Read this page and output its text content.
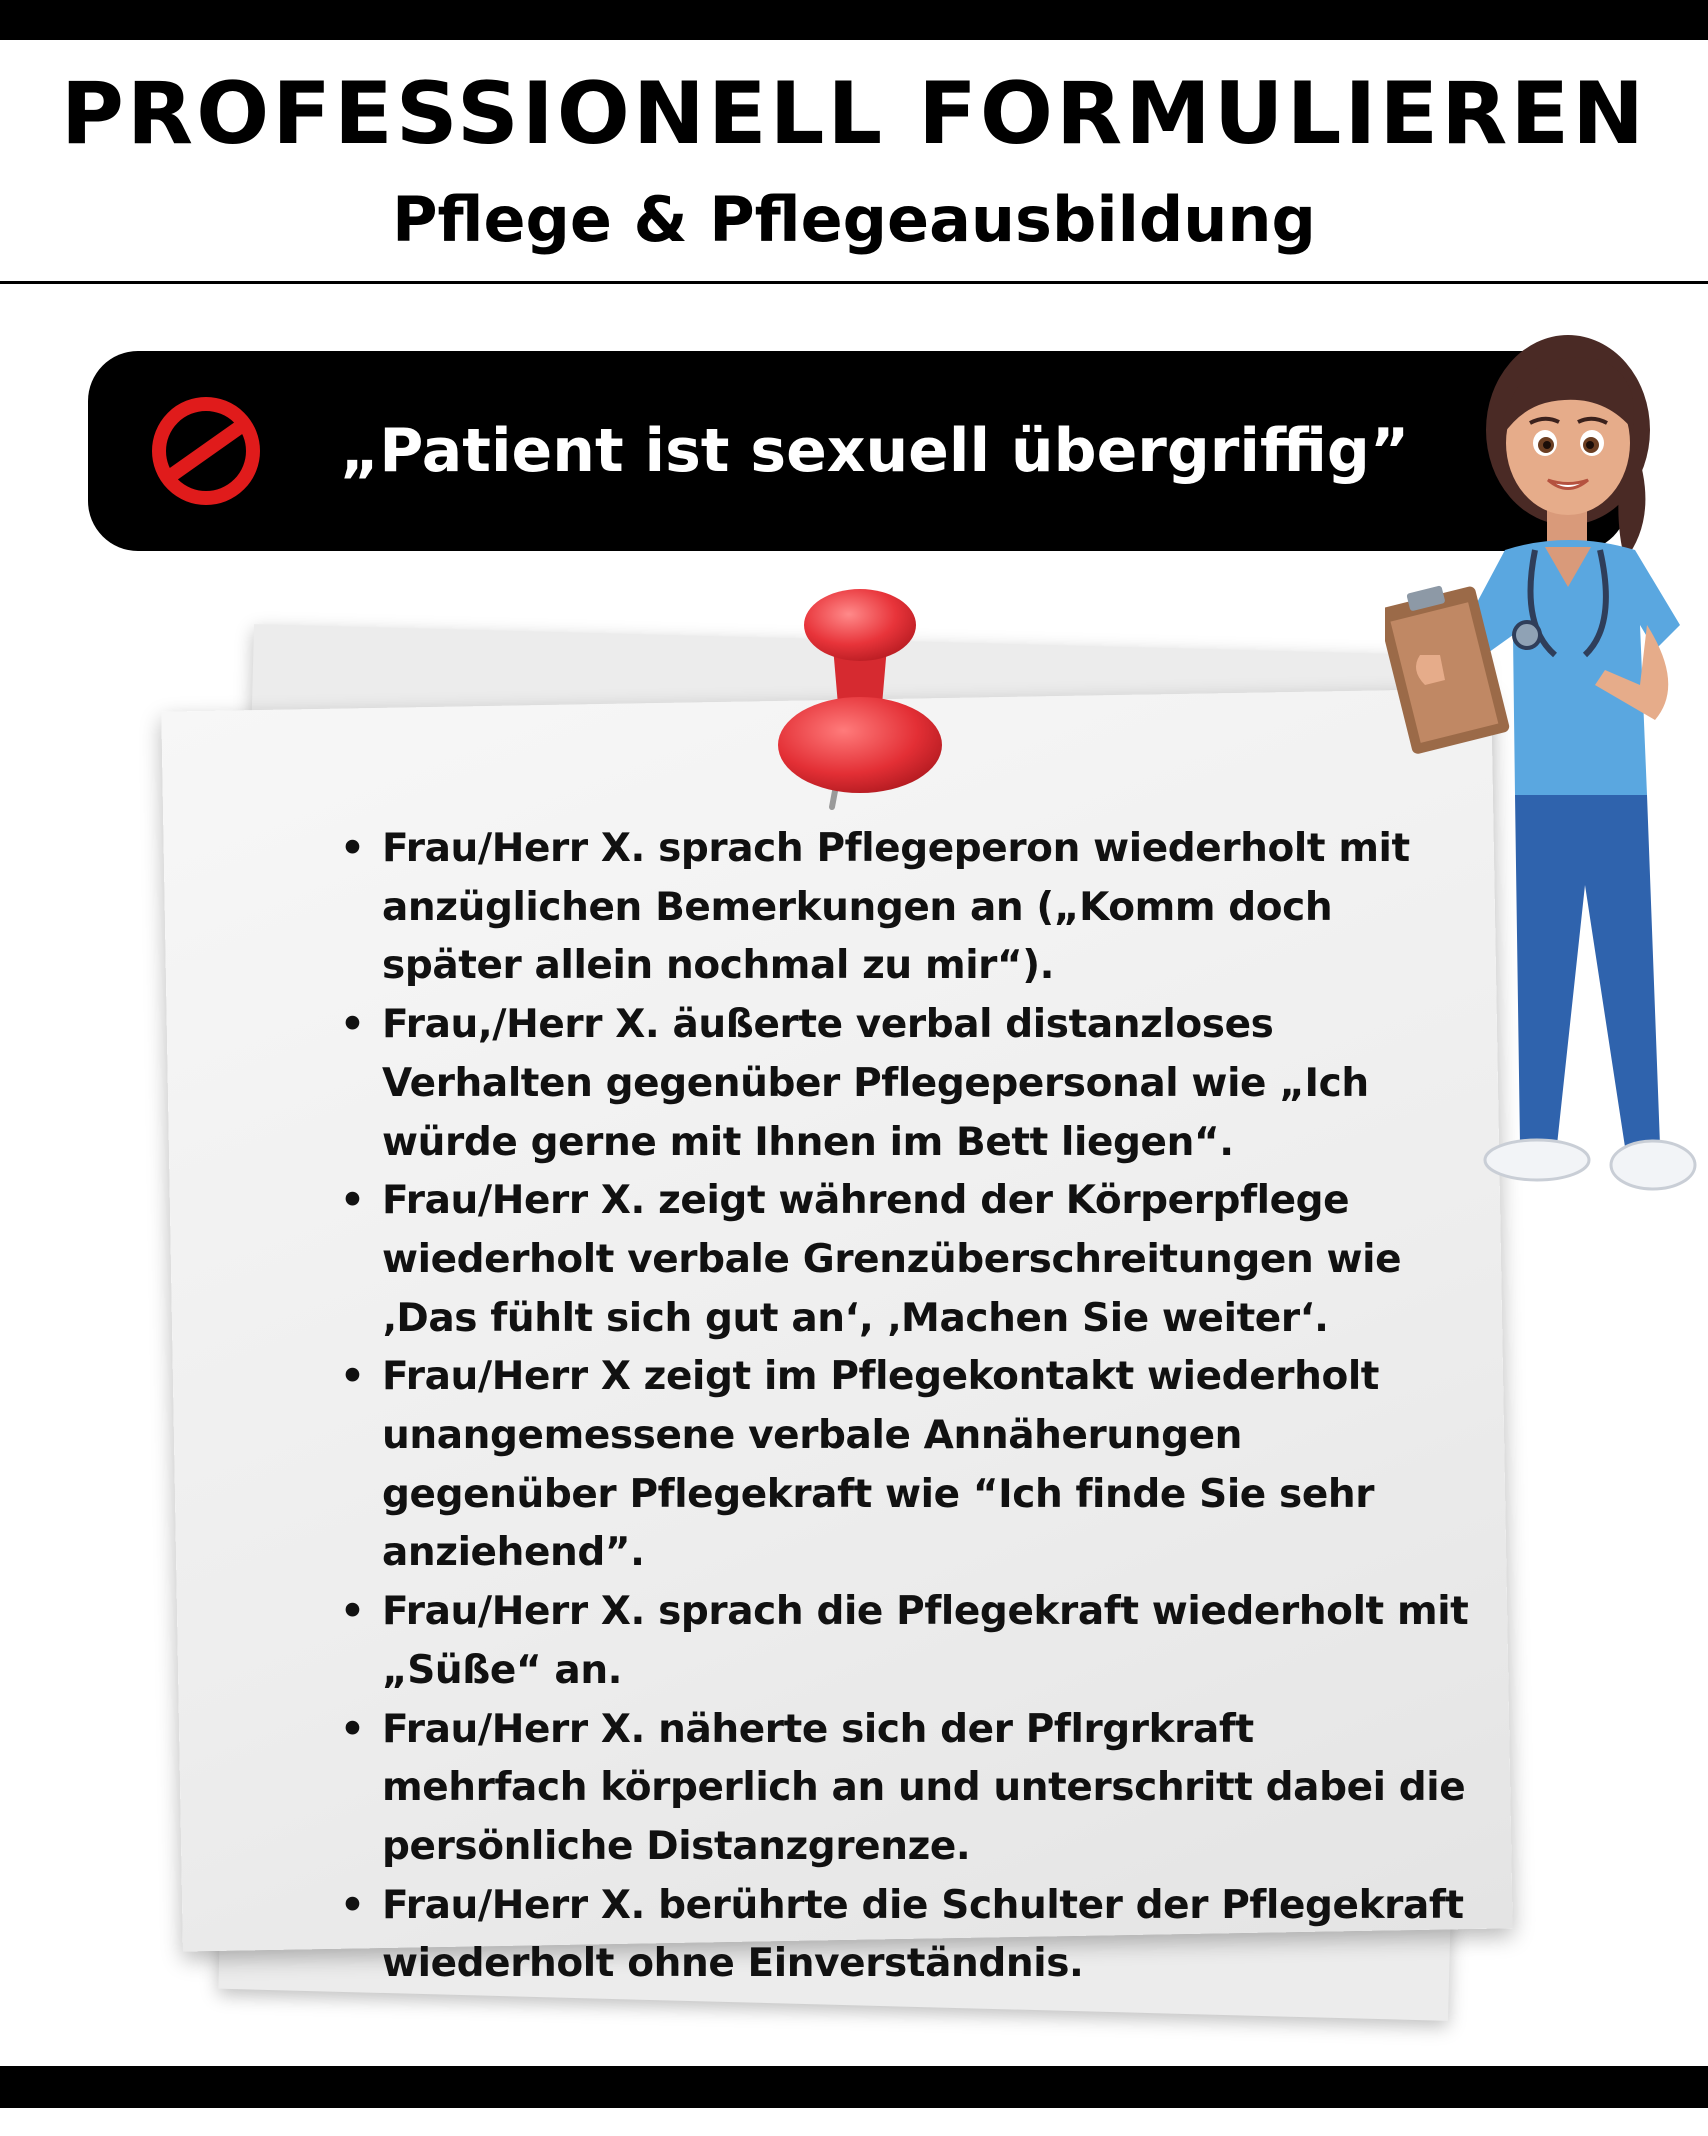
PROFESSIONELL FORMULIEREN
Pflege & Pflegeausbildung
„Patient ist sexuell übergriffig”
• Frau/Herr X. sprach Pflegeperon wiederholt mit anzüglichen Bemerkungen an („Komm doch später allein nochmal zu mir“).
• Frau,/Herr X. äußerte verbal distanzloses Verhalten gegenüber Pflegepersonal wie „Ich würde gerne mit Ihnen im Bett liegen“.
• Frau/Herr X. zeigt während der Körperpflege wiederholt verbale Grenzüberschreitungen wie ‚Das fühlt sich gut an‘, ‚Machen Sie weiter‘.
• Frau/Herr X zeigt im Pflegekontakt wiederholt unangemessene verbale Annäherungen gegenüber Pflegekraft wie “Ich finde Sie sehr anziehend”.
• Frau/Herr X. sprach die Pflegekraft wiederholt mit „Süße“ an.
• Frau/Herr X. näherte sich der Pflrgrkraft mehrfach körperlich an und unterschritt dabei die persönliche Distanzgrenze.
• Frau/Herr X. berührte die Schulter der Pflegekraft wiederholt ohne Einverständnis.
